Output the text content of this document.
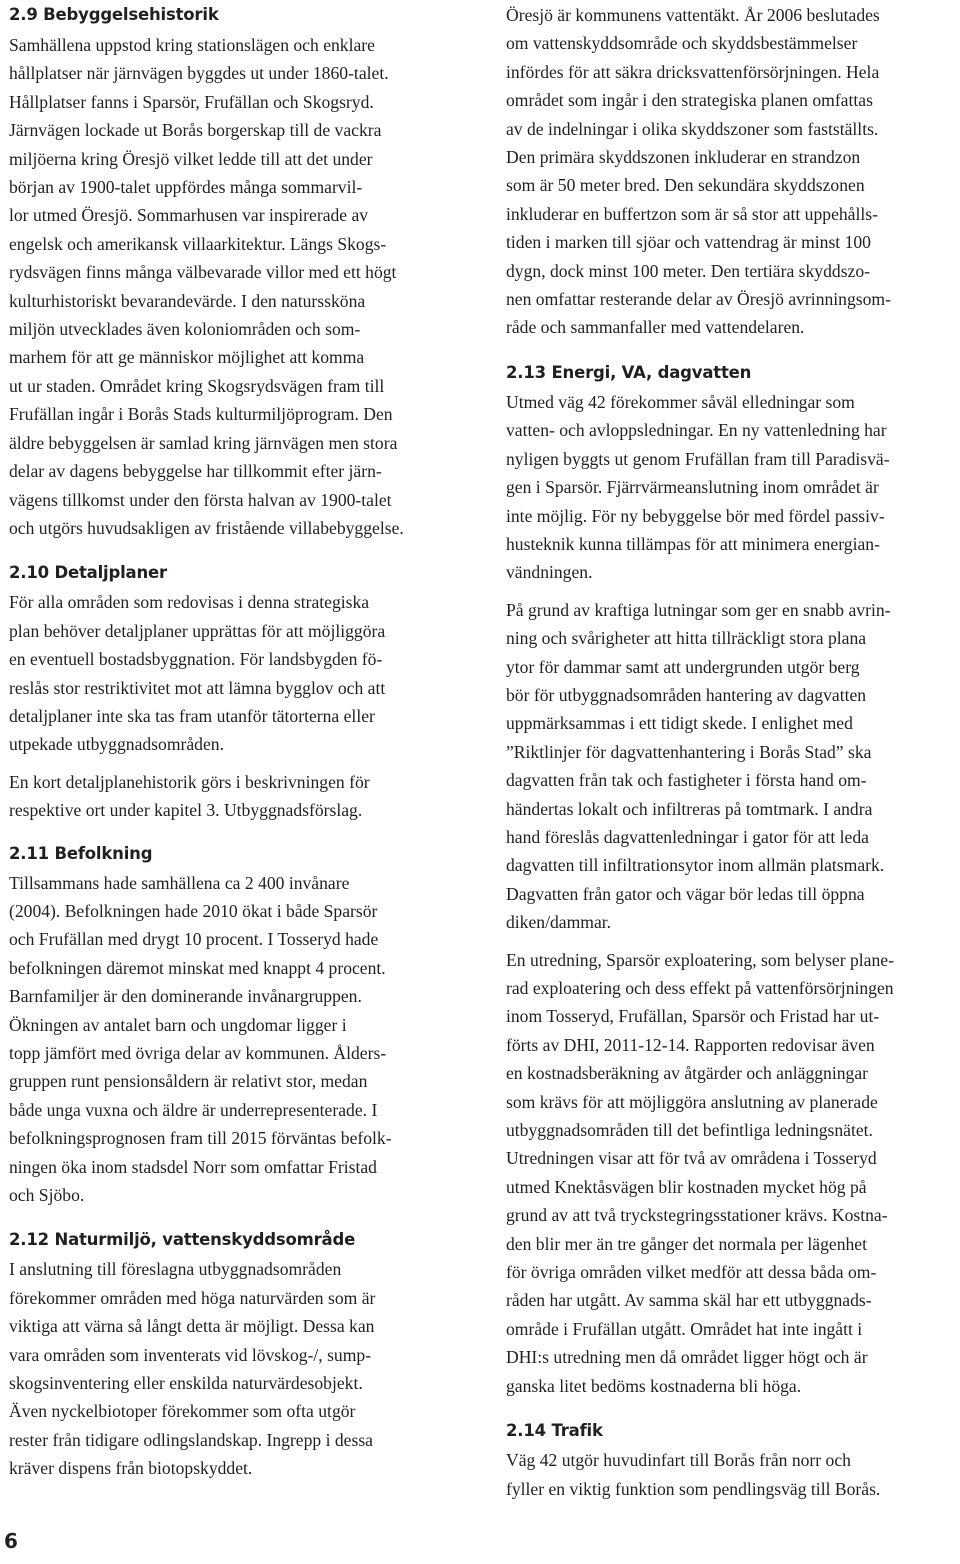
2.9 Bebyggelsehistorik

Samhällena uppstod kring stationslägen och enklare
hållplatser när järnvägen byggdes ut under 1860-talet.
Hållplatser fanns i Sparsör, Frufällan och Skogsryd.
Järnvägen lockade ut Borås borgerskap till de vackra
miljöerna kring Öresjö vilket ledde till att det under
början av 1900-talet uppfördes många sommarvil-
lor utmed Öresjö. Sommarhusen var inspirerade av
engelsk och amerikansk villaarkitektur. Längs Skogs-
rydsvägen finns många välbevarade villor med ett högt
kulturhistoriskt bevarandevärde. I den naturssköna
miljön utvecklades även koloniområden och som-
marhem för att ge människor möjlighet att komma
ut ur staden. Området kring Skogsrydsvägen fram till
Frufällan ingår i Borås Stads kulturmiljöprogram. Den
äldre bebyggelsen är samlad kring järnvägen men stora
delar av dagens bebyggelse har tillkommit efter järn-
vägens tillkomst under den första halvan av 1900-talet
och utgörs huvudsakligen av fristående villabebyggelse.

2.10 Detaljplaner

För alla områden som redovisas i denna strategiska
plan behöver detaljplaner upprättas för att möjliggöra
en eventuell bostadsbyggnation. För landsbygden fö-
reslås stor restriktivitet mot att lämna bygglov och att
detaljplaner inte ska tas fram utanför tätorterna eller
utpekade utbyggnadsområden.

En kort detaljplanehistorik görs i beskrivningen för
respektive ort under kapitel 3. Utbyggnadsförslag.

2.11 Befolkning

Tillsammans hade samhällena ca 2 400 invånare
(2004). Befolkningen hade 2010 ökat i både Sparsör
och Frufällan med drygt 10 procent. I Tosseryd hade
befolkningen däremot minskat med knappt 4 procent.
Barnfamiljer är den dominerande invånargruppen.
Ökningen av antalet barn och ungdomar ligger i
topp jämfört med övriga delar av kommunen. Ålders-
gruppen runt pensionsåldern är relativt stor, medan
både unga vuxna och äldre är underrepresenterade. I
befolkningsprognosen fram till 2015 förväntas befolk-
ningen öka inom stadsdel Norr som omfattar Fristad
och Sjöbo.

2.12 Naturmiljö, vattenskyddsområde

I anslutning till föreslagna utbyggnadsområden
förekommer områden med höga naturvärden som är
viktiga att värna så långt detta är möjligt. Dessa kan
vara områden som inventerats vid lövskog-/, sump-
skogsinventering eller enskilda naturvärdesobjekt.
Även nyckelbiotoper förekommer som ofta utgör
rester från tidigare odlingslandskap. Ingrepp i dessa
kräver dispens från biotopskyddet.

Öresjö är kommunens vattentäkt. År 2006 beslutades
om vattenskyddsområde och skyddsbestämmelser
infördes för att säkra dricksvattenförsörjningen. Hela
området som ingår i den strategiska planen omfattas
av de indelningar i olika skyddszoner som fastställts.
Den primära skyddszonen inkluderar en strandzon
som är 50 meter bred. Den sekundära skyddszonen
inkluderar en buffertzon som är så stor att uppehålls-
tiden i marken till sjöar och vattendrag är minst 100
dygn, dock minst 100 meter. Den tertiära skyddszo-
nen omfattar resterande delar av Öresjö avrinningsom-
råde och sammanfaller med vattendelaren.

2.13 Energi, VA, dagvatten

Utmed väg 42 förekommer såväl elledningar som
vatten- och avloppsledningar. En ny vattenledning har
nyligen byggts ut genom Frufällan fram till Paradisvä-
gen i Sparsör. Fjärrvärmeanslutning inom området är
inte möjlig. För ny bebyggelse bör med fördel passiv-
husteknik kunna tillämpas för att minimera energian-
vändningen.

På grund av kraftiga lutningar som ger en snabb avrin-
ning och svårigheter att hitta tillräckligt stora plana
ytor för dammar samt att undergrunden utgör berg
bör för utbyggnadsområden hantering av dagvatten
uppmärksammas i ett tidigt skede. I enlighet med
”Riktlinjer för dagvattenhantering i Borås Stad” ska
dagvatten från tak och fastigheter i första hand om-
händertas lokalt och infiltreras på tomtmark. I andra
hand föreslås dagvattenledningar i gator för att leda
dagvatten till infiltrationsytor inom allmän platsmark.
Dagvatten från gator och vägar bör ledas till öppna
diken/dammar.

En utredning, Sparsör exploatering, som belyser plane-
rad exploatering och dess effekt på vattenförsörjningen
inom Tosseryd, Frufällan, Sparsör och Fristad har ut-
förts av DHI, 2011-12-14. Rapporten redovisar även
en kostnadsberäkning av åtgärder och anläggningar
som krävs för att möjliggöra anslutning av planerade
utbyggnadsområden till det befintliga ledningsnätet.
Utredningen visar att för två av områdena i Tosseryd
utmed Knektåsvägen blir kostnaden mycket hög på
grund av att två tryckstegringsstationer krävs. Kostna-
den blir mer än tre gånger det normala per lägenhet
för övriga områden vilket medför att dessa båda om-
råden har utgått. Av samma skäl har ett utbyggnads-
område i Frufällan utgått. Området hat inte ingått i
DHI:s utredning men då området ligger högt och är
ganska litet bedöms kostnaderna bli höga.

2.14 Trafik

Väg 42 utgör huvudinfart till Borås från norr och
fyller en viktig funktion som pendlingsväg till Borås.

6
